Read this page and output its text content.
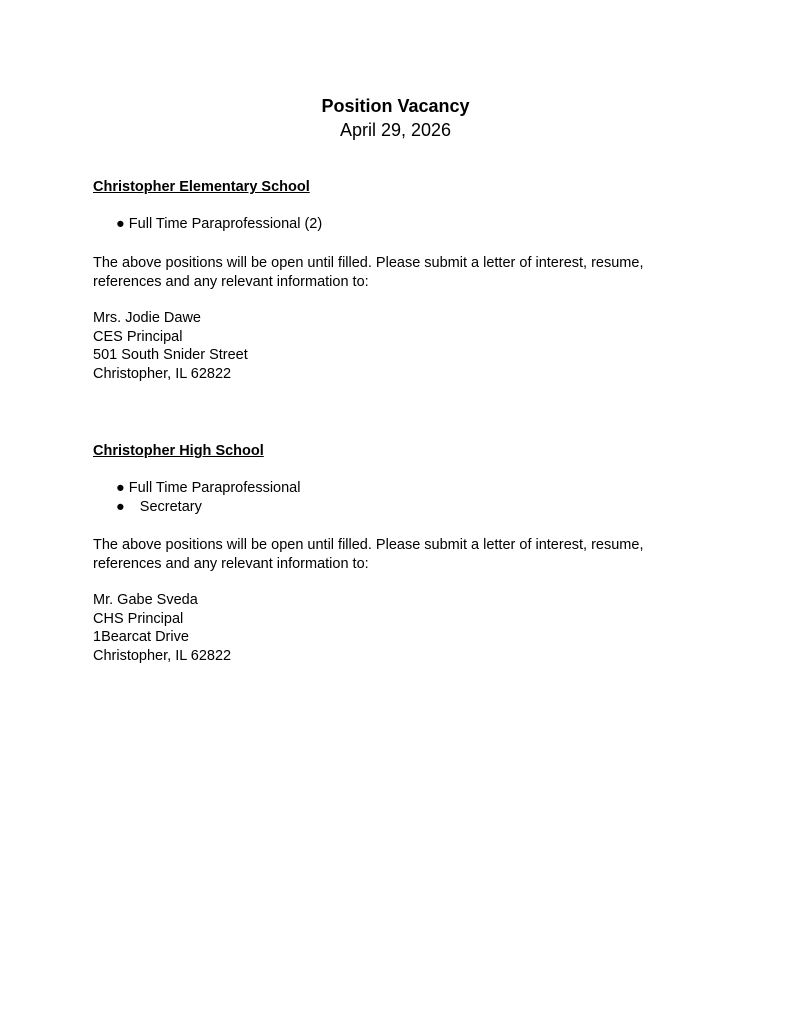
Position Vacancy
April 29, 2026
Christopher Elementary School
● Full Time Paraprofessional (2)
The above positions will be open until filled. Please submit a letter of interest, resume,
references and any relevant information to:
Mrs. Jodie Dawe
CES Principal
501 South Snider Street
Christopher, IL 62822
Christopher High School
● Full Time Paraprofessional
● Secretary
The above positions will be open until filled. Please submit a letter of interest, resume,
references and any relevant information to:
Mr. Gabe Sveda
CHS Principal
1Bearcat Drive
Christopher, IL 62822
